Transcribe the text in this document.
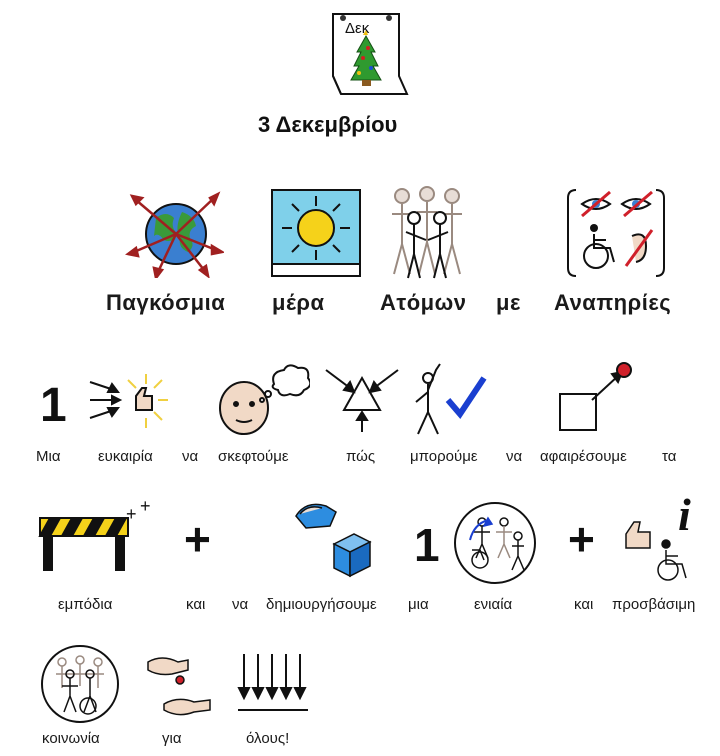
Δεκ
3 Δεκεμβρίου
Παγκόσμια μέρα	Ατόμων με Αναπηρίες
1
Μια	ευκαιρία να σκεφτούμε	πώς μπορούμε να αφαιρέσουμε τα
+ +
+	1	+ i
εμπόδια	και να δημιουργήσουμε μια	ενιαία	και προσβάσιμη
κοινωνία	για	όλους!
